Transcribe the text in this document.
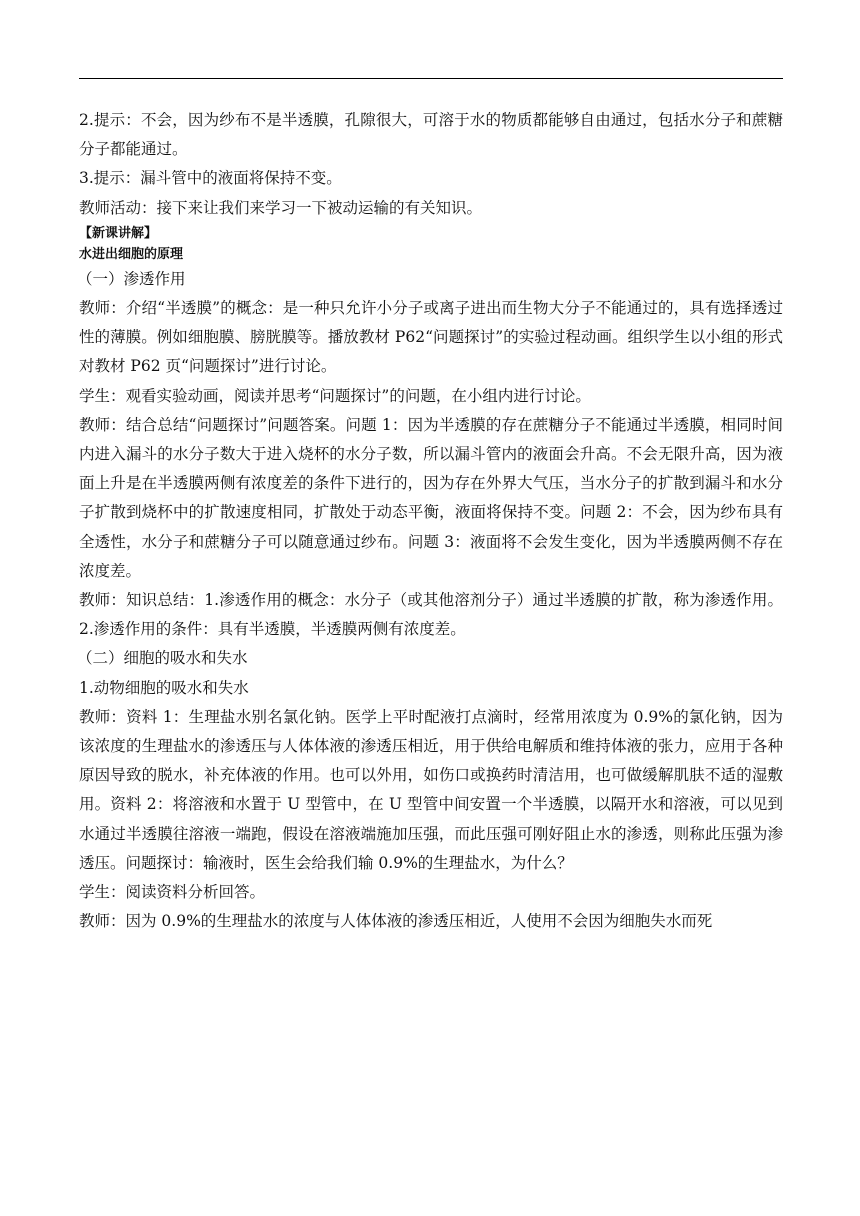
2.提示：不会，因为纱布不是半透膜，孔隙很大，可溶于水的物质都能够自由通过，包括水分子和蔗糖分子都能通过。

3.提示：漏斗管中的液面将保持不变。

教师活动：接下来让我们来学习一下被动运输的有关知识。

【新课讲解】

水进出细胞的原理

（一）渗透作用

教师：介绍“半透膜”的概念：是一种只允许小分子或离子进出而生物大分子不能通过的，具有选择透过性的薄膜。例如细胞膜、膀胱膜等。播放教材 P62“问题探讨”的实验过程动画。组织学生以小组的形式对教材 P62 页“问题探讨”进行讨论。

学生：观看实验动画，阅读并思考“问题探讨”的问题，在小组内进行讨论。

教师：结合总结“问题探讨”问题答案。问题 1：因为半透膜的存在蔗糖分子不能通过半透膜，相同时间内进入漏斗的水分子数大于进入烧杯的水分子数，所以漏斗管内的液面会升高。不会无限升高，因为液面上升是在半透膜两侧有浓度差的条件下进行的，因为存在外界大气压，当水分子的扩散到漏斗和水分子扩散到烧杯中的扩散速度相同，扩散处于动态平衡，液面将保持不变。问题 2：不会，因为纱布具有全透性，水分子和蔗糖分子可以随意通过纱布。问题 3：液面将不会发生变化，因为半透膜两侧不存在浓度差。

教师：知识总结：1.渗透作用的概念：水分子（或其他溶剂分子）通过半透膜的扩散，称为渗透作用。2.渗透作用的条件：具有半透膜，半透膜两侧有浓度差。

（二）细胞的吸水和失水

1.动物细胞的吸水和失水

教师：资料 1：生理盐水别名氯化钠。医学上平时配液打点滴时，经常用浓度为 0.9%的氯化钠，因为该浓度的生理盐水的渗透压与人体体液的渗透压相近，用于供给电解质和维持体液的张力，应用于各种原因导致的脱水，补充体液的作用。也可以外用，如伤口或换药时清洁用，也可做缓解肌肤不适的湿敷用。资料 2：将溶液和水置于 U 型管中，在 U 型管中间安置一个半透膜，以隔开水和溶液，可以见到水通过半透膜往溶液一端跑，假设在溶液端施加压强，而此压强可刚好阻止水的渗透，则称此压强为渗透压。问题探讨：输液时，医生会给我们输 0.9%的生理盐水，为什么？

学生：阅读资料分析回答。

教师：因为 0.9%的生理盐水的浓度与人体体液的渗透压相近，人使用不会因为细胞失水而死
